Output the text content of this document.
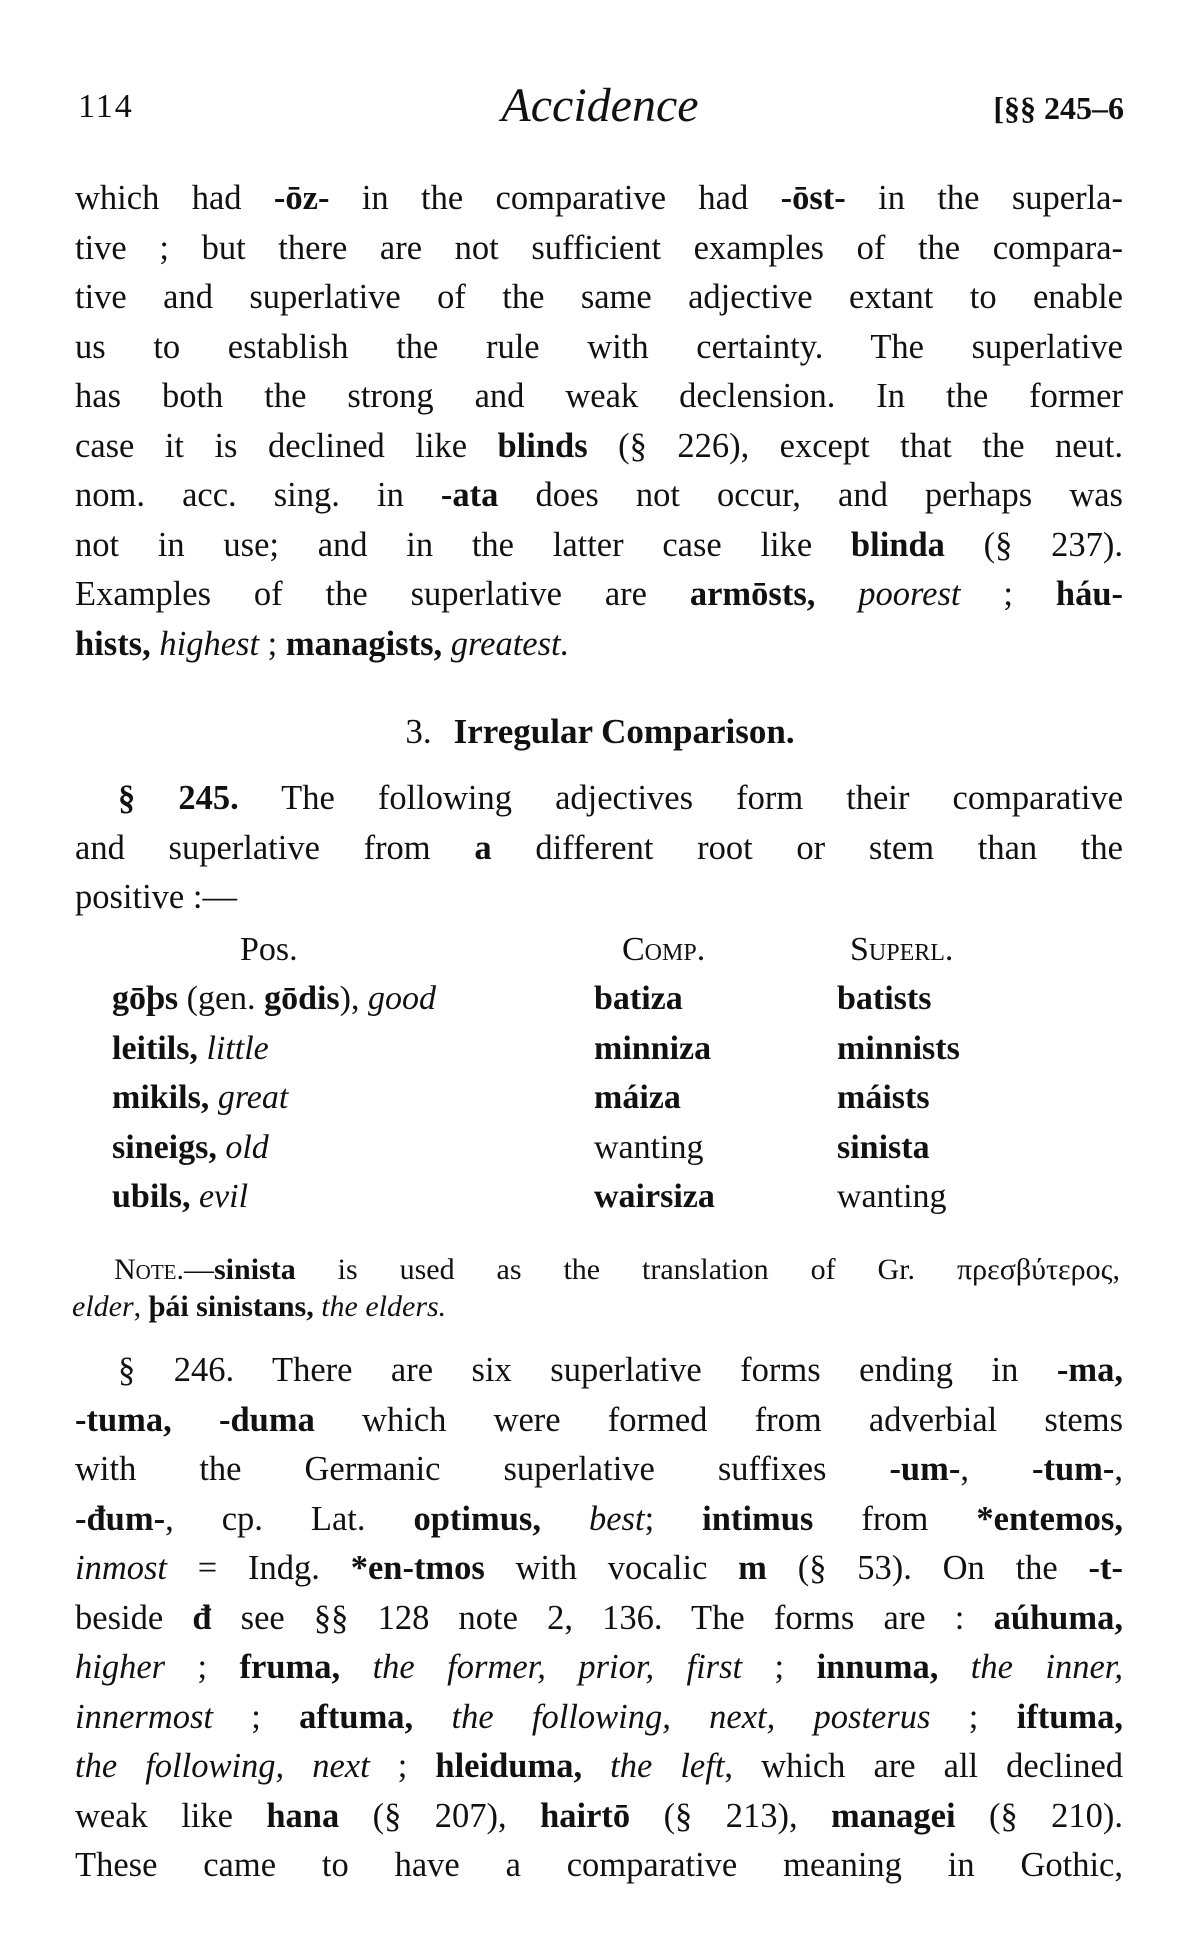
114	Accidence	[§§ 245–6
which had -ōz- in the comparative had -ōst- in the superla-
tive ; but there are not sufficient examples of the compara-
tive and superlative of the same adjective extant to enable
us to establish the rule with certainty. The superlative
has both the strong and weak declension. In the former
case it is declined like blinds (§ 226), except that the neut.
nom. acc. sing. in -ata does not occur, and perhaps was
not in use; and in the latter case like blinda (§ 237).
Examples of the superlative are armōsts, poorest ; háu-
hists, highest ; managists, greatest.
3. Irregular Comparison.
§ 245. The following adjectives form their comparative
and superlative from a different root or stem than the
positive :—
Pos.	Comp.	Superl.
gōþs (gen. gōdis), good	batiza	batists
leitils, little	minniza	minnists
mikils, great	máiza	máists
sineigs, old	wanting	sinista
ubils, evil	wairsiza	wanting
Note.—sinista is used as the translation of Gr. πρεσβύτερος,
elder, þái sinistans, the elders.
§ 246. There are six superlative forms ending in -ma,
-tuma, -duma which were formed from adverbial stems
with the Germanic superlative suffixes -um-, -tum-,
-đum-, cp. Lat. optimus, best; intimus from *entemos,
inmost = Indg. *en-tmos with vocalic m (§ 53). On the -t-
beside đ see §§ 128 note 2, 136. The forms are : aúhuma,
higher ; fruma, the former, prior, first ; innuma, the inner,
innermost ; aftuma, the following, next, posterus ; iftuma,
the following, next ; hleiduma, the left, which are all declined
weak like hana (§ 207), hairtō (§ 213), managei (§ 210).
These came to have a comparative meaning in Gothic,
